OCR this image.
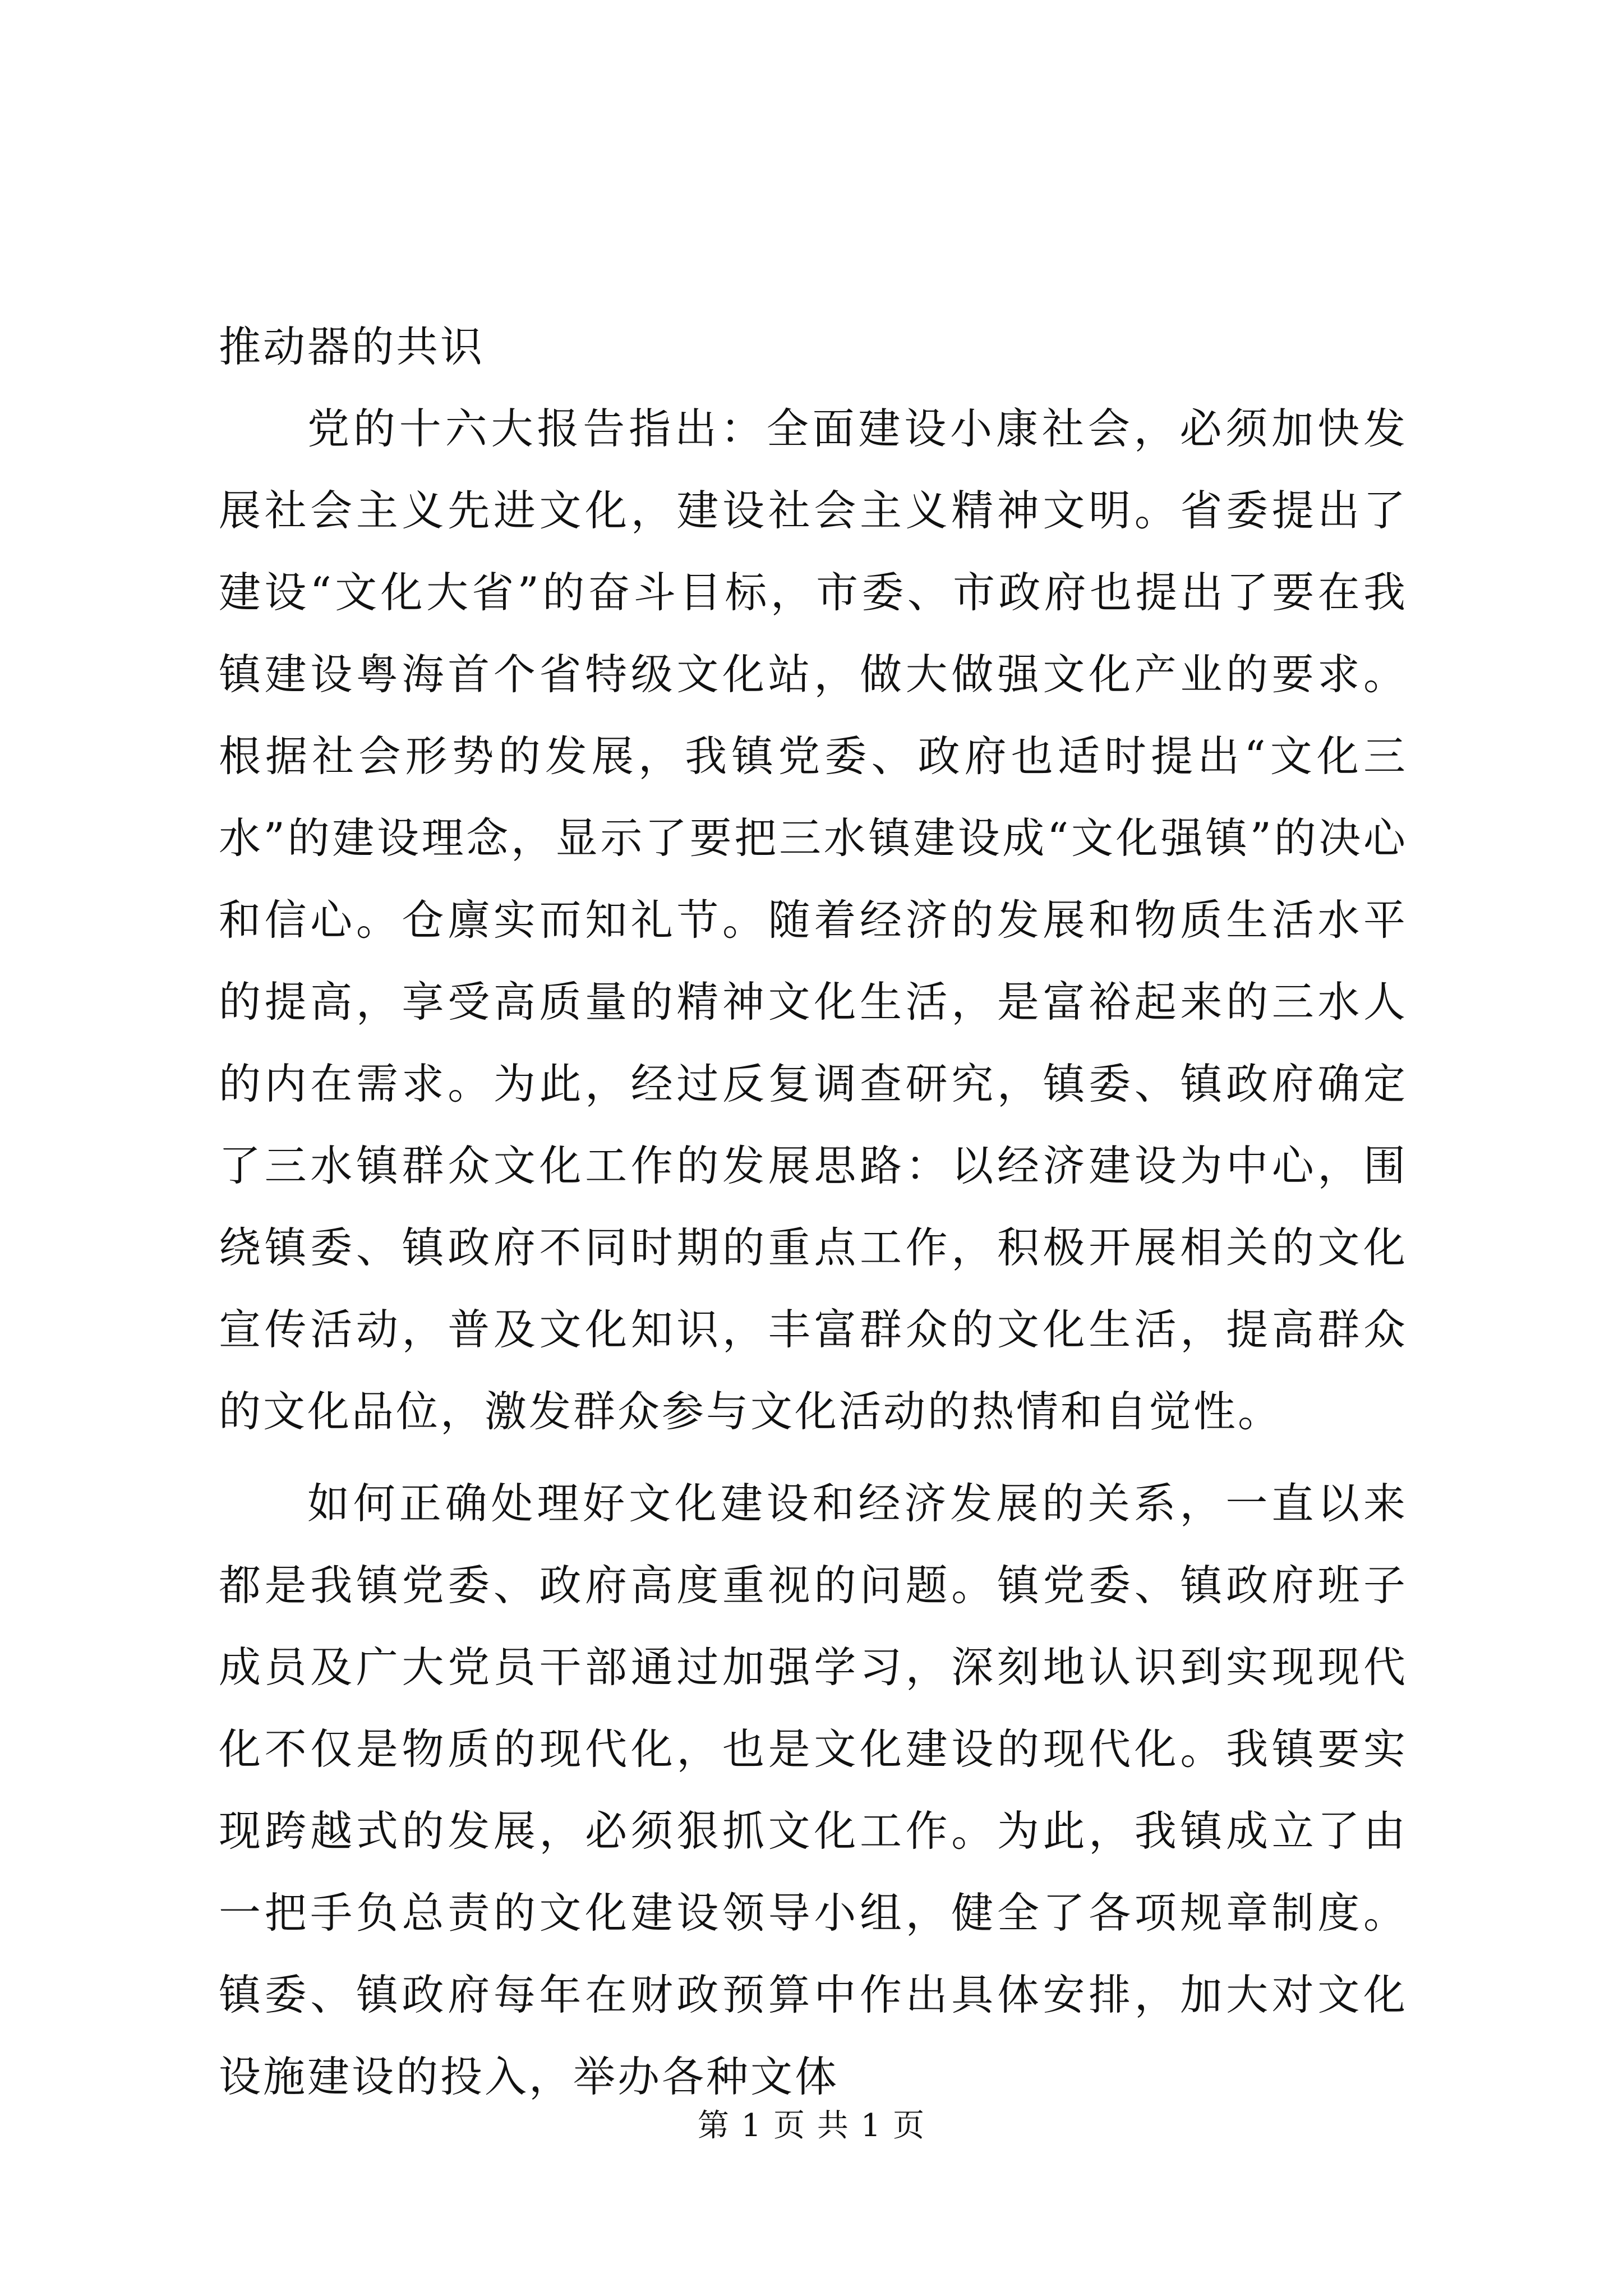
推动器的共识

党的十六大报告指出：全面建设小康社会，必须加快发展社会主义先进文化，建设社会主义精神文明。省委提出了建设“文化大省”的奋斗目标，市委、市政府也提出了要在我镇建设粤海首个省特级文化站，做大做强文化产业的要求。根据社会形势的发展，我镇党委、政府也适时提出“文化三水”的建设理念，显示了要把三水镇建设成“文化强镇”的决心和信心。仓廪实而知礼节。随着经济的发展和物质生活水平的提高，享受高质量的精神文化生活，是富裕起来的三水人的内在需求。为此，经过反复调查研究，镇委、镇政府确定了三水镇群众文化工作的发展思路：以经济建设为中心，围绕镇委、镇政府不同时期的重点工作，积极开展相关的文化宣传活动，普及文化知识，丰富群众的文化生活，提高群众的文化品位，激发群众参与文化活动的热情和自觉性。

如何正确处理好文化建设和经济发展的关系，一直以来都是我镇党委、政府高度重视的问题。镇党委、镇政府班子成员及广大党员干部通过加强学习，深刻地认识到实现现代化不仅是物质的现代化，也是文化建设的现代化。我镇要实现跨越式的发展，必须狠抓文化工作。为此，我镇成立了由一把手负总责的文化建设领导小组，健全了各项规章制度。镇委、镇政府每年在财政预算中作出具体安排，加大对文化设施建设的投入，举办各种文体

第 1 页 共 1 页
